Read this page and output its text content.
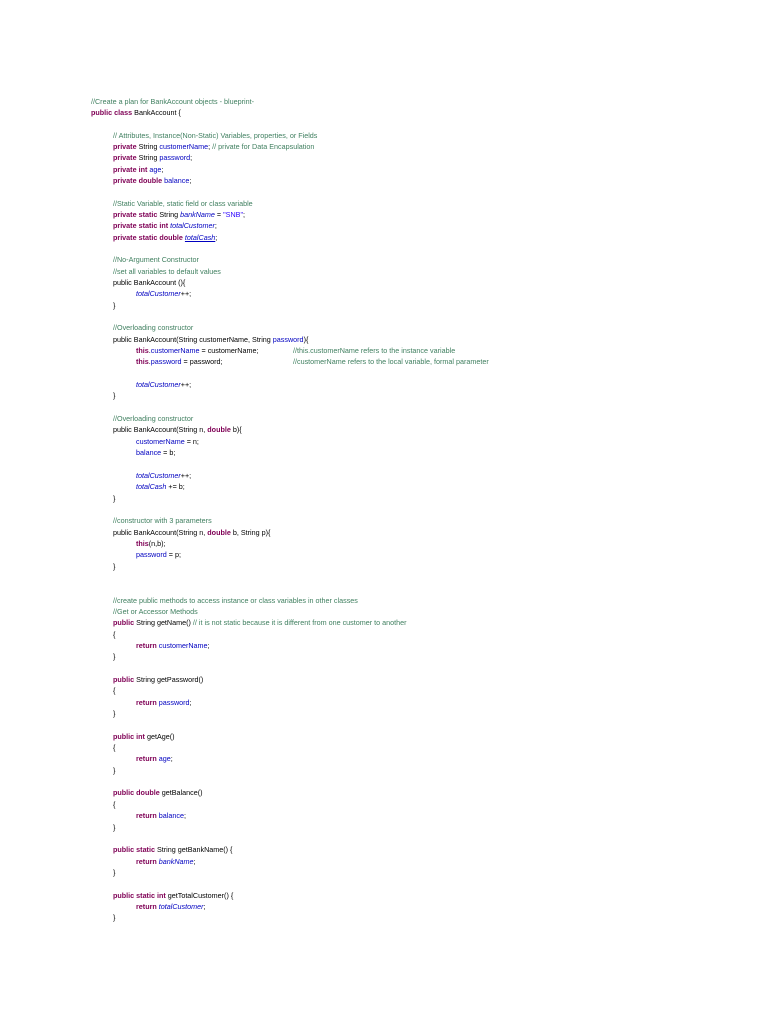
//Create a plan for BankAccount objects - blueprint-
public class BankAccount {
// Attributes, Instance(Non-Static) Variables, properties, or Fields
private String customerName; // private for Data Encapsulation
private String password;
private int age;
private double balance;
//Static Variable, static field or class variable
private static String bankName = "SNB";
private static int totalCustomer;
private static double totalCash;
//No-Argument Constructor
//set all variables to default values
public BankAccount (){
totalCustomer++;
}
//Overloading constructor
public BankAccount(String customerName, String password){
this.customerName = customerName;	//this.customerName refers to the instance variable
this.password = password;	//customerName refers to the local variable, formal parameter
totalCustomer++;
}
//Overloading constructor
public BankAccount(String n, double b){
customerName = n;
balance = b;
totalCustomer++;
totalCash += b;
}
//constructor with 3 parameters
public BankAccount(String n, double b, String p){
this(n,b);
password = p;
}
//create public methods to access instance or class variables in other classes
//Get or Accessor Methods
public String getName() // it is not static because it is different from one customer to another
{
return customerName;
}
public String getPassword()
{
return password;
}
public int getAge()
{
return age;
}
public double getBalance()
{
return balance;
}
public static String getBankName() {
return bankName;
}
public static int getTotalCustomer() {
return totalCustomer;
}
